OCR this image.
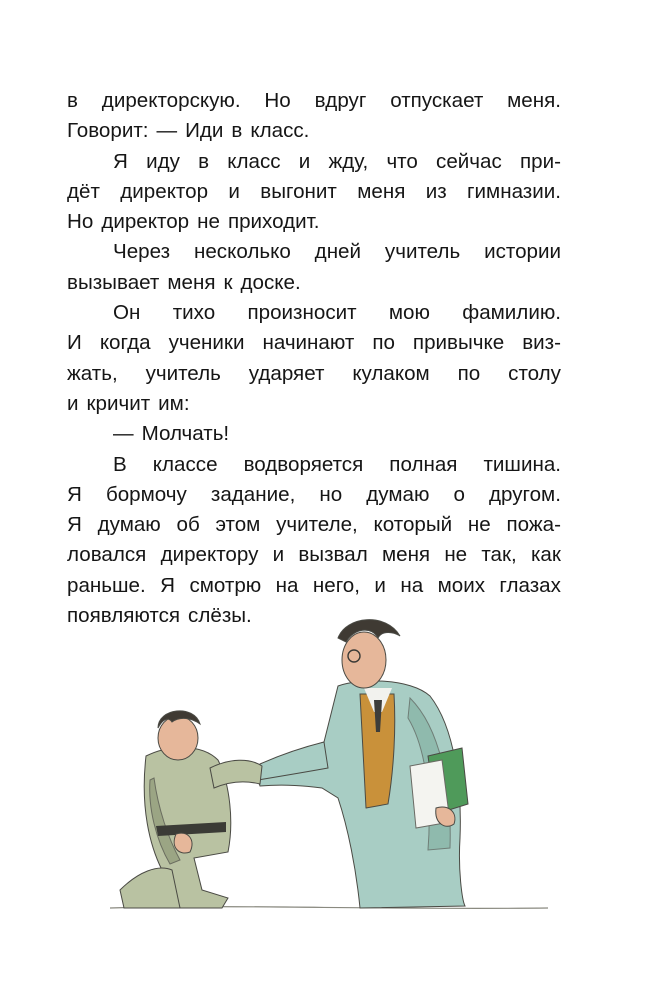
в директорскую. Но вдруг отпускает меня.
Говорит: — Иди в класс.
Я иду в класс и жду, что сейчас при-
дёт директор и выгонит меня из гимназии.
Но директор не приходит.
Через несколько дней учитель истории
вызывает меня к доске.
Он тихо произносит мою фамилию.
И когда ученики начинают по привычке виз-
жать, учитель ударяет кулаком по столу
и кричит им:
— Молчать!
В классе водворяется полная тишина.
Я бормочу задание, но думаю о другом.
Я думаю об этом учителе, который не пожа-
ловался директору и вызвал меня не так, как
раньше. Я смотрю на него, и на моих глазах
появляются слёзы.
